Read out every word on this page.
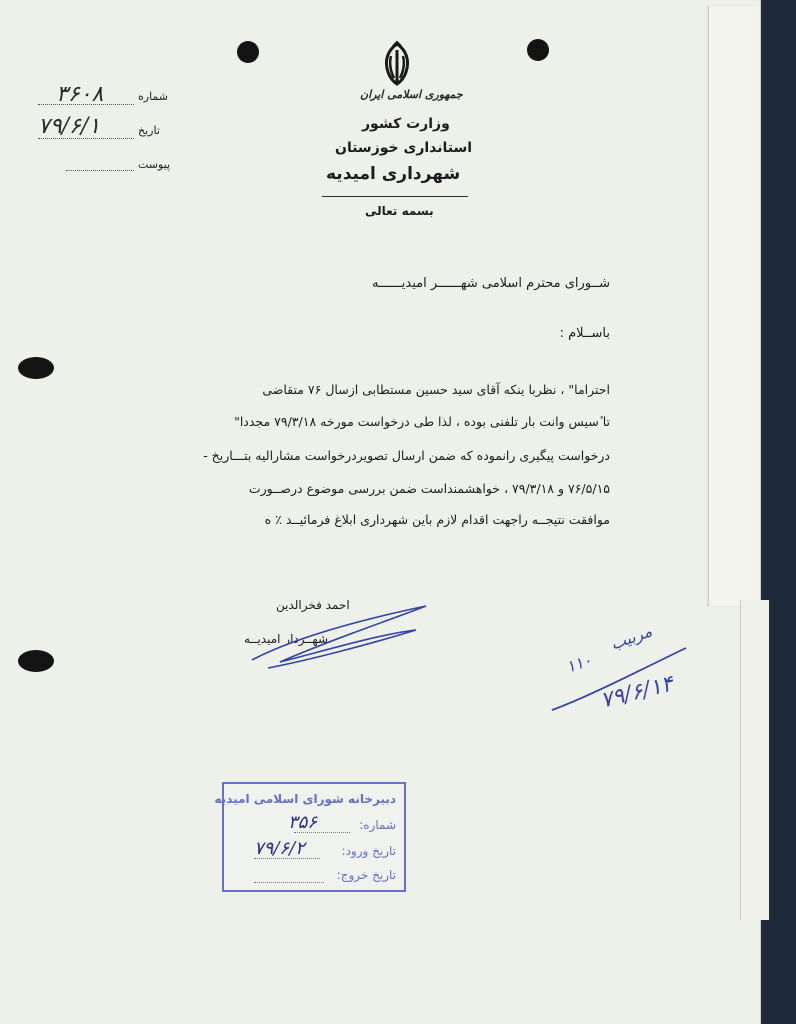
جمهوری اسلامی ایران
وزارت کشور
استانداری خوزستان
شهرداری امیدیه
بسمه تعالی
شماره
۳۶۰۸
تاریخ
۷۹/۶/۱
پیوست
شــورای محترم اسلامی شهــــــر امیدیــــــه
باســلام :
احتراما" ، نظربا ینکه آقای سید حسین مستطابی ازسال ۷۶ متقاضی
تا ٔسیس وانت بار تلفنی بوده ، لذا طی درخواست مورخه ۷۹/۳/۱۸ مجددا"
درخواست پیگیری رانموده که ضمن ارسال تصویردرخواست مشارالیه بتـــاریخ -
۷۶/۵/۱۵ و ۷۹/۳/۱۸ ، خواهشمنداست ضمن بررسی موضوع درصــورت
موافقت نتیجــه راجهت اقدام لازم باین شهرداری ابلاغ فرمائیــد ٪ ه
احمد فخرالدین
شهــردار امیدیــه	مربیب
۱۱۰
۷۹/۶/۱۴
دبیرخانه شورای اسلامی امیدیه
شماره:
۳۵۶
تاریخ ورود:
۷۹/۶/۲
تاریخ خروج:
